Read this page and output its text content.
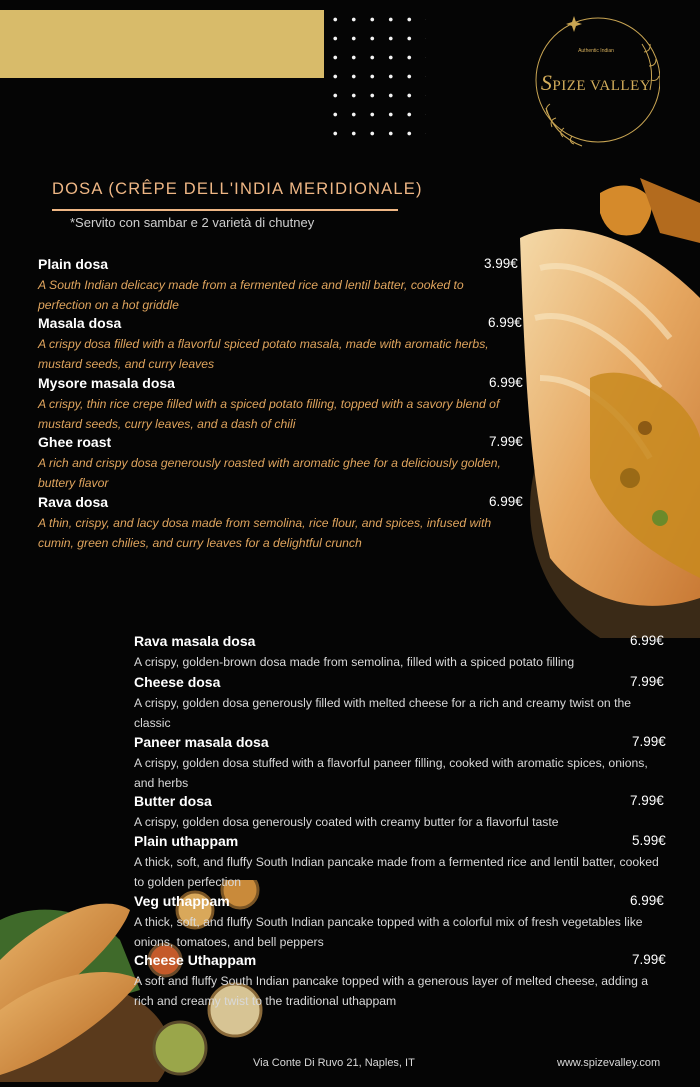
Authentic Indian
SPIZE VALLEY
DOSA (CRÊPE DELL'INDIA MERIDIONALE)
*Servito con sambar e 2 varietà di chutney
Plain dosa	3.99€
A South Indian delicacy made from a fermented rice and lentil batter, cooked to perfection on a hot griddle
Masala dosa	6.99€
A crispy dosa filled with a flavorful spiced potato masala, made with aromatic herbs, mustard seeds, and curry leaves
Mysore masala dosa	6.99€
A crispy, thin rice crepe filled with a spiced potato filling, topped with a savory blend of mustard seeds, curry leaves, and a dash of chili
Ghee roast	7.99€
A rich and crispy dosa generously roasted with aromatic ghee for a deliciously golden, buttery flavor
Rava dosa	6.99€
A thin, crispy, and lacy dosa made from semolina, rice flour, and spices, infused with cumin, green chilies, and curry leaves for a delightful crunch
Rava masala dosa	6.99€
A crispy, golden-brown dosa made from semolina, filled with a spiced potato filling
Cheese dosa	7.99€
A crispy, golden dosa generously filled with melted cheese for a rich and creamy twist on the classic
Paneer masala dosa	7.99€
A crispy, golden dosa stuffed with a flavorful paneer filling, cooked with aromatic spices, onions, and herbs
Butter dosa	7.99€
A crispy, golden dosa generously coated with creamy butter for a flavorful taste
Plain uthappam	5.99€
A thick, soft, and fluffy South Indian pancake made from a fermented rice and lentil batter, cooked to golden perfection
Veg uthappam	6.99€
A thick, soft, and fluffy South Indian pancake topped with a colorful mix of fresh vegetables like onions, tomatoes, and bell peppers
Cheese Uthappam	7.99€
A soft and fluffy South Indian pancake topped with a generous layer of melted cheese, adding a rich and creamy twist to the traditional uthappam
Via Conte Di Ruvo 21, Naples, IT	www.spizevalley.com
